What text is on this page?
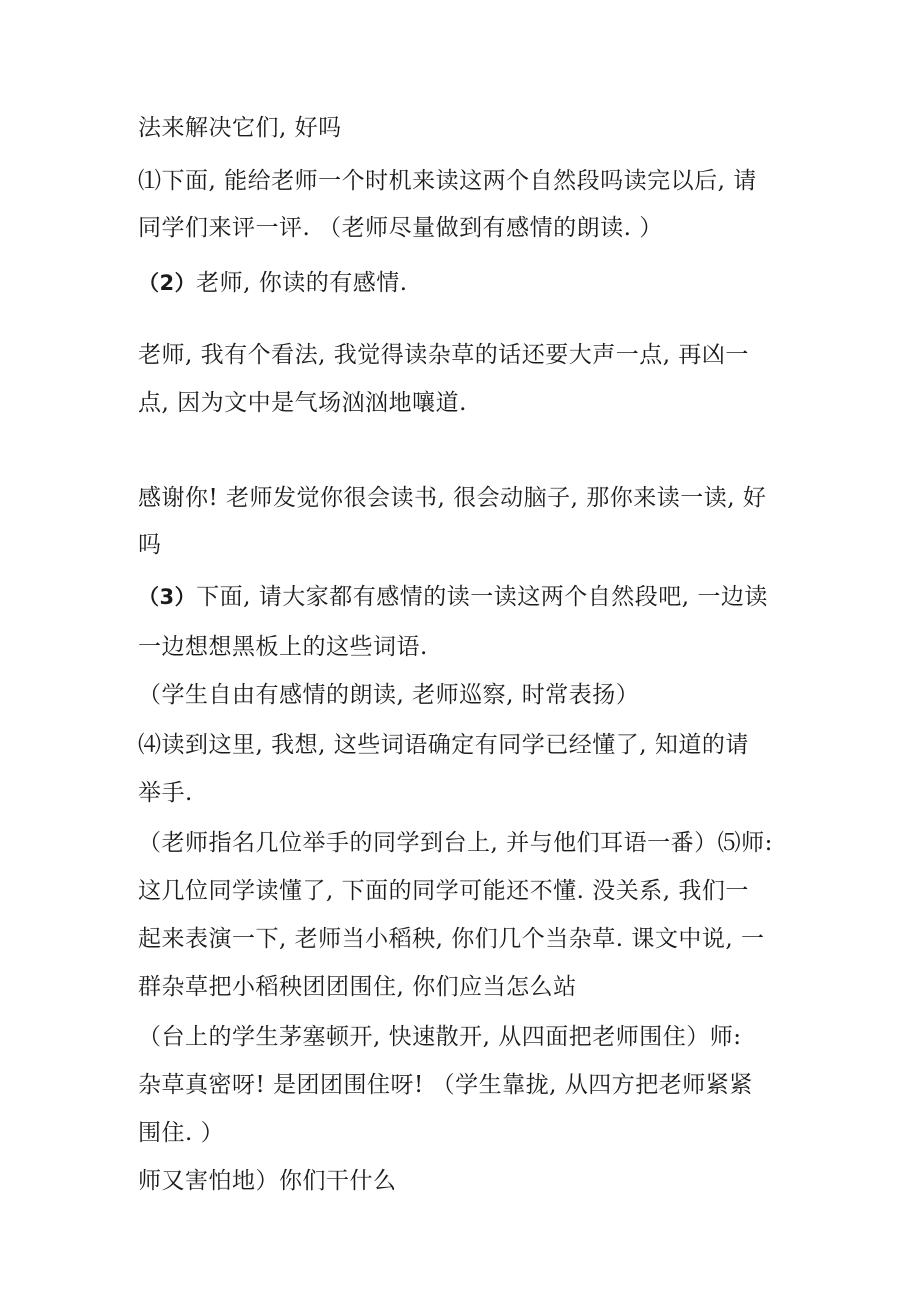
法来解决它们, 好吗
⑴下面, 能给老师一个时机来读这两个自然段吗读完以后, 请
同学们来评一评. （老师尽量做到有感情的朗读. ）
（2）老师, 你读的有感情.
老师, 我有个看法, 我觉得读杂草的话还要大声一点, 再凶一
点, 因为文中是气场汹汹地嚷道.
感谢你! 老师发觉你很会读书, 很会动脑子, 那你来读一读, 好
吗
（3）下面, 请大家都有感情的读一读这两个自然段吧, 一边读
一边想想黑板上的这些词语.
（学生自由有感情的朗读, 老师巡察, 时常表扬）
⑷读到这里, 我想, 这些词语确定有同学已经懂了, 知道的请
举手.
（老师指名几位举手的同学到台上, 并与他们耳语一番）⑸师:
这几位同学读懂了, 下面的同学可能还不懂. 没关系, 我们一
起来表演一下, 老师当小稻秧, 你们几个当杂草. 课文中说, 一
群杂草把小稻秧团团围住, 你们应当怎么站
（台上的学生茅塞顿开, 快速散开, 从四面把老师围住）师:
杂草真密呀! 是团团围住呀! （学生靠拢, 从四方把老师紧紧
围住. ）
师又害怕地）你们干什么
